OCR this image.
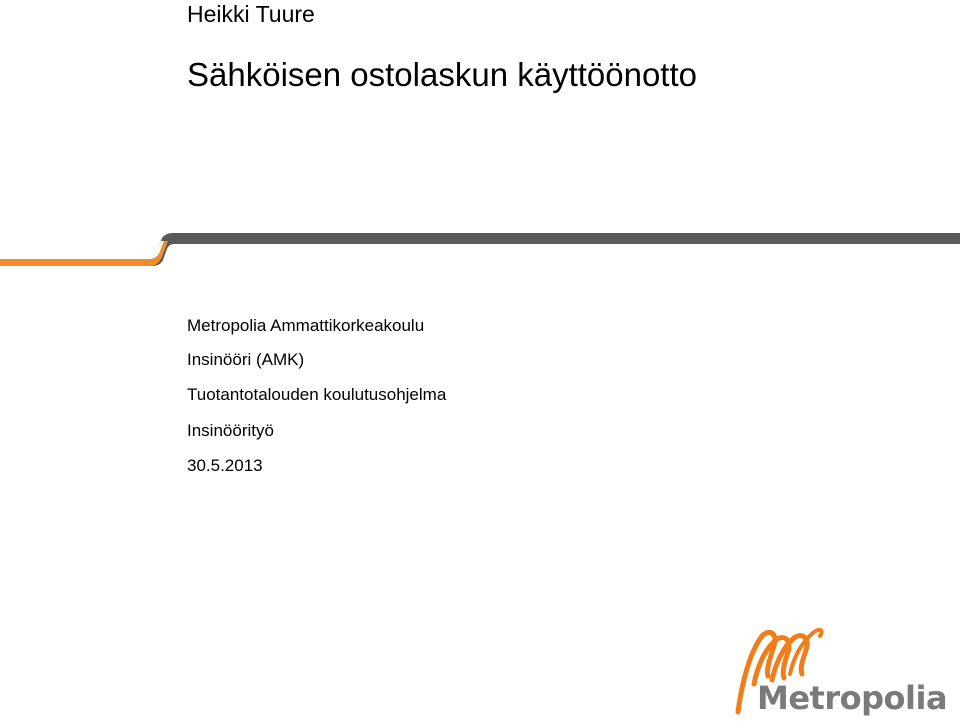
Heikki Tuure
Sähköisen ostolaskun käyttöönotto
Metropolia Ammattikorkeakoulu
Insinööri (AMK)
Tuotantotalouden koulutusohjelma
Insinöörityö
30.5.2013
Metropolia
